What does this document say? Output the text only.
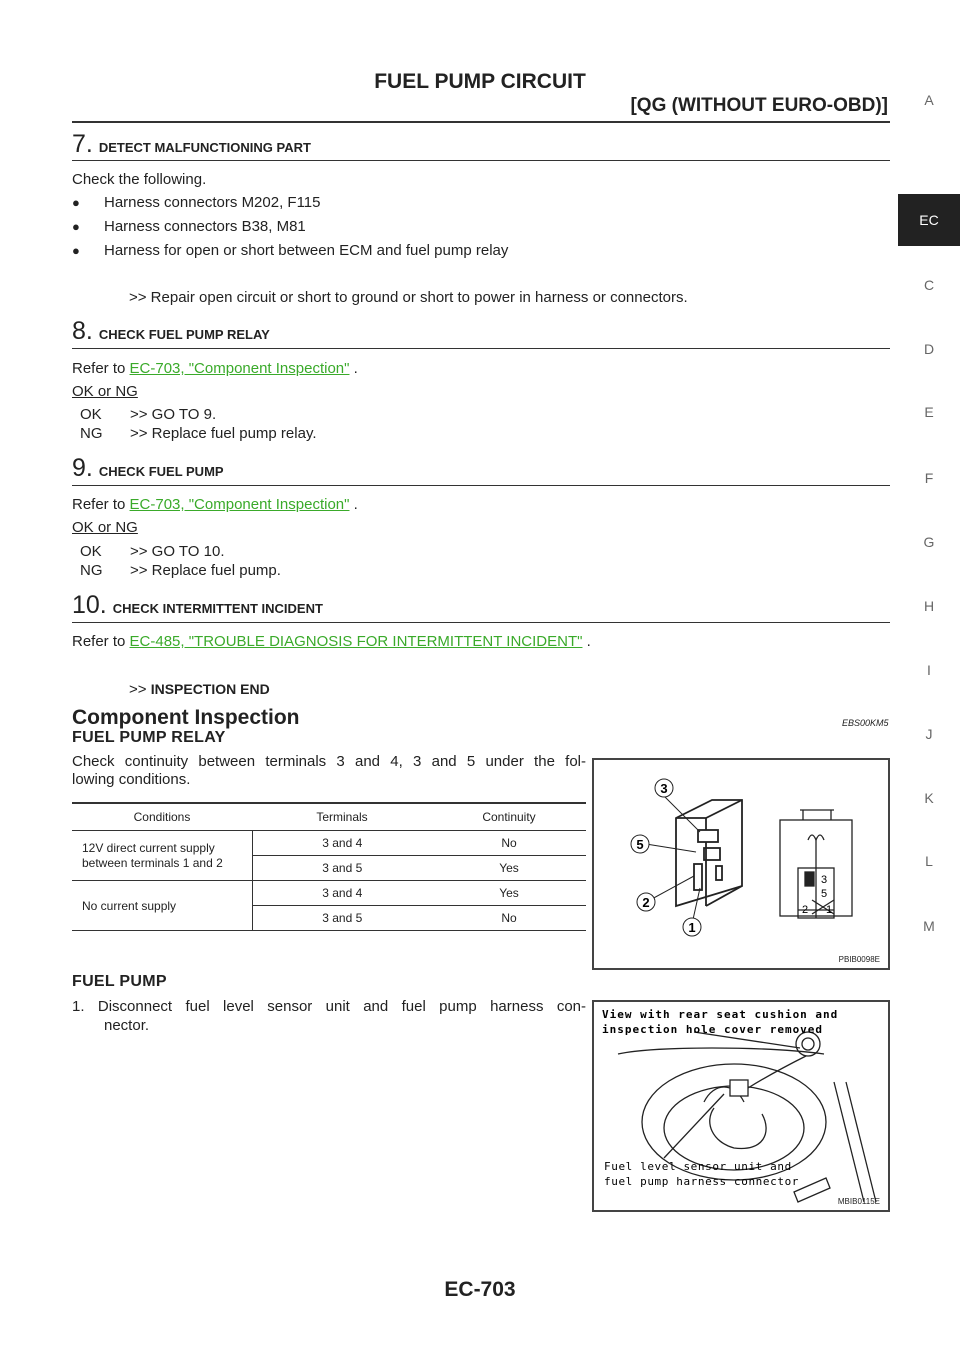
FUEL PUMP CIRCUIT
[QG (WITHOUT EURO-OBD)]	A
EC
C
D
E
F
G
H
I
J
K
L
M
7. DETECT MALFUNCTIONING PART
Check the following.
● Harness connectors M202, F115
● Harness connectors B38, M81
● Harness for open or short between ECM and fuel pump relay
>> Repair open circuit or short to ground or short to power in harness or connectors.
8. CHECK FUEL PUMP RELAY
Refer to EC-703, "Component Inspection" .
OK or NG
OK >> GO TO 9.
NG >> Replace fuel pump relay.
9. CHECK FUEL PUMP
Refer to EC-703, "Component Inspection" .
OK or NG
OK >> GO TO 10.
NG >> Replace fuel pump.
10. CHECK INTERMITTENT INCIDENT
Refer to EC-485, "TROUBLE DIAGNOSIS FOR INTERMITTENT INCIDENT" .
>> INSPECTION END
Component Inspection	EBS00KM5
FUEL PUMP RELAY
Check continuity between terminals 3 and 4, 3 and 5 under the fol-
lowing conditions.
Conditions	Terminals	Continuity
12V direct current supply
between terminals 1 and 2	3 and 4	No
	3 and 5	Yes
No current supply	3 and 4	Yes
	3 and 5	No
3
5
2
1
3
5
2 1
PBIB0098E
FUEL PUMP
1. Disconnect fuel level sensor unit and fuel pump harness con-
nector.
View with rear seat cushion and
inspection hole cover removed
Fuel level sensor unit and
fuel pump harness connector
MBIB0115E
EC-703
